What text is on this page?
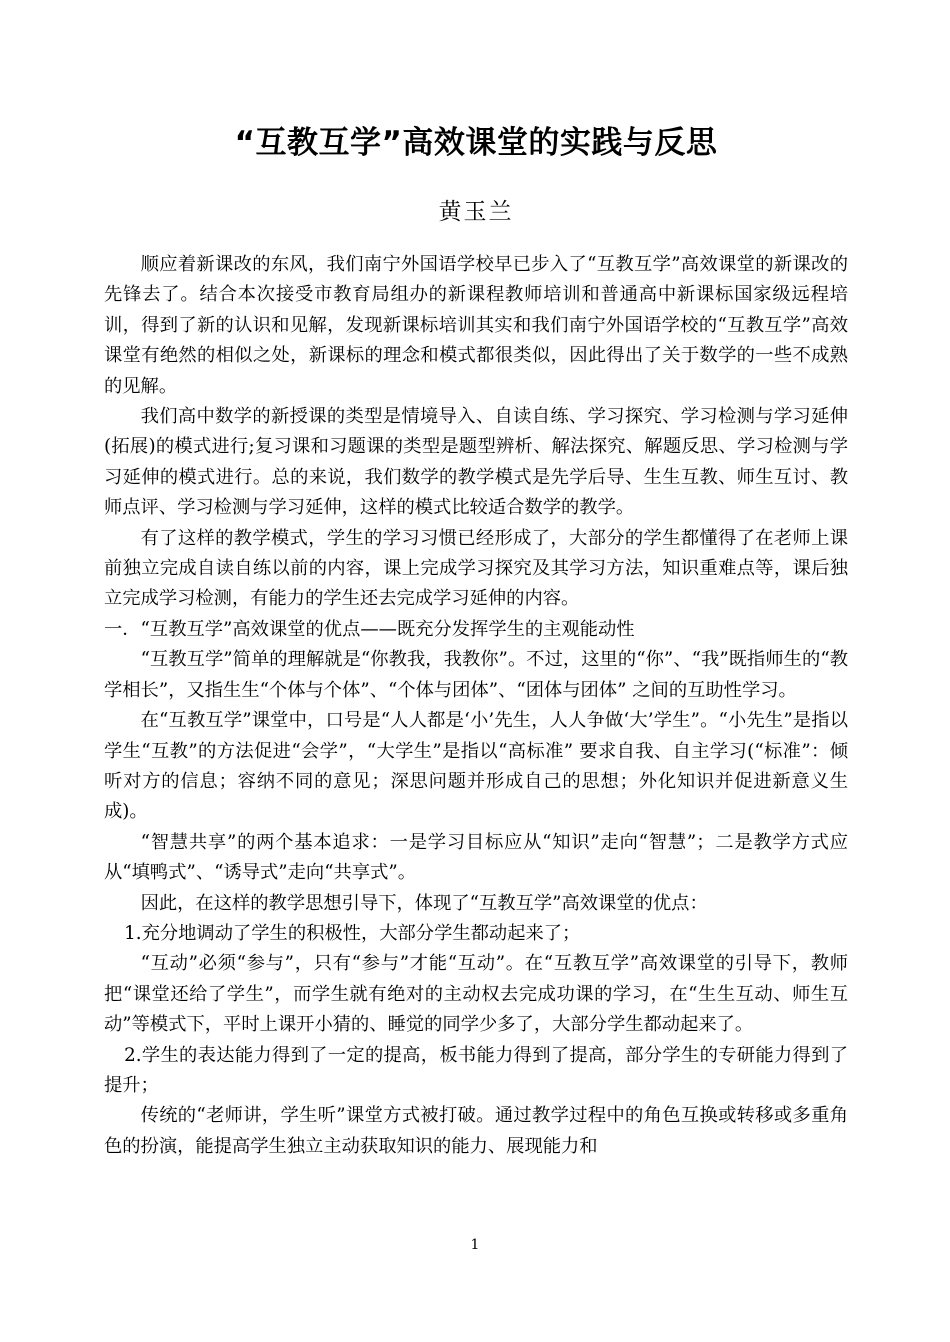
“互教互学”高效课堂的实践与反思
黄玉兰

顺应着新课改的东风，我们南宁外国语学校早已步入了“互教互学”高效课堂的新课改的先锋去了。结合本次接受市教育局组办的新课程教师培训和普通高中新课标国家级远程培训，得到了新的认识和见解，发现新课标培训其实和我们南宁外国语学校的“互教互学”高效课堂有绝然的相似之处，新课标的理念和模式都很类似，因此得出了关于数学的一些不成熟的见解。

我们高中数学的新授课的类型是情境导入、自读自练、学习探究、学习检测与学习延伸(拓展)的模式进行;复习课和习题课的类型是题型辨析、解法探究、解题反思、学习检测与学习延伸的模式进行。总的来说，我们数学的教学模式是先学后导、生生互教、师生互讨、教师点评、学习检测与学习延伸，这样的模式比较适合数学的教学。

有了这样的教学模式，学生的学习习惯已经形成了，大部分的学生都懂得了在老师上课前独立完成自读自练以前的内容，课上完成学习探究及其学习方法，知识重难点等，课后独立完成学习检测，有能力的学生还去完成学习延伸的内容。

一．“互教互学”高效课堂的优点——既充分发挥学生的主观能动性

“互教互学”简单的理解就是“你教我，我教你”。不过，这里的“你”、“我”既指师生的“教学相长”，又指生生“个体与个体”、“个体与团体”、“团体与团体” 之间的互助性学习。

在“互教互学”课堂中，口号是“人人都是‘小’先生，人人争做‘大’学生”。“小先生”是指以学生“互教”的方法促进“会学”，“大学生”是指以“高标准” 要求自我、自主学习(“标准”：倾听对方的信息；容纳不同的意见；深思问题并形成自己的思想；外化知识并促进新意义生成)。

“智慧共享”的两个基本追求：一是学习目标应从“知识”走向“智慧”；二是教学方式应从“填鸭式”、“诱导式”走向“共享式”。

因此，在这样的教学思想引导下，体现了“互教互学”高效课堂的优点：

1.充分地调动了学生的积极性，大部分学生都动起来了；

“互动”必须“参与”，只有“参与”才能“互动”。在“互教互学”高效课堂的引导下，教师把“课堂还给了学生”，而学生就有绝对的主动权去完成功课的学习，在“生生互动、师生互动”等模式下，平时上课开小猜的、睡觉的同学少多了，大部分学生都动起来了。

2.学生的表达能力得到了一定的提高，板书能力得到了提高，部分学生的专研能力得到了提升；

传统的“老师讲，学生听”课堂方式被打破。通过教学过程中的角色互换或转移或多重角色的扮演，能提高学生独立主动获取知识的能力、展现能力和

1
